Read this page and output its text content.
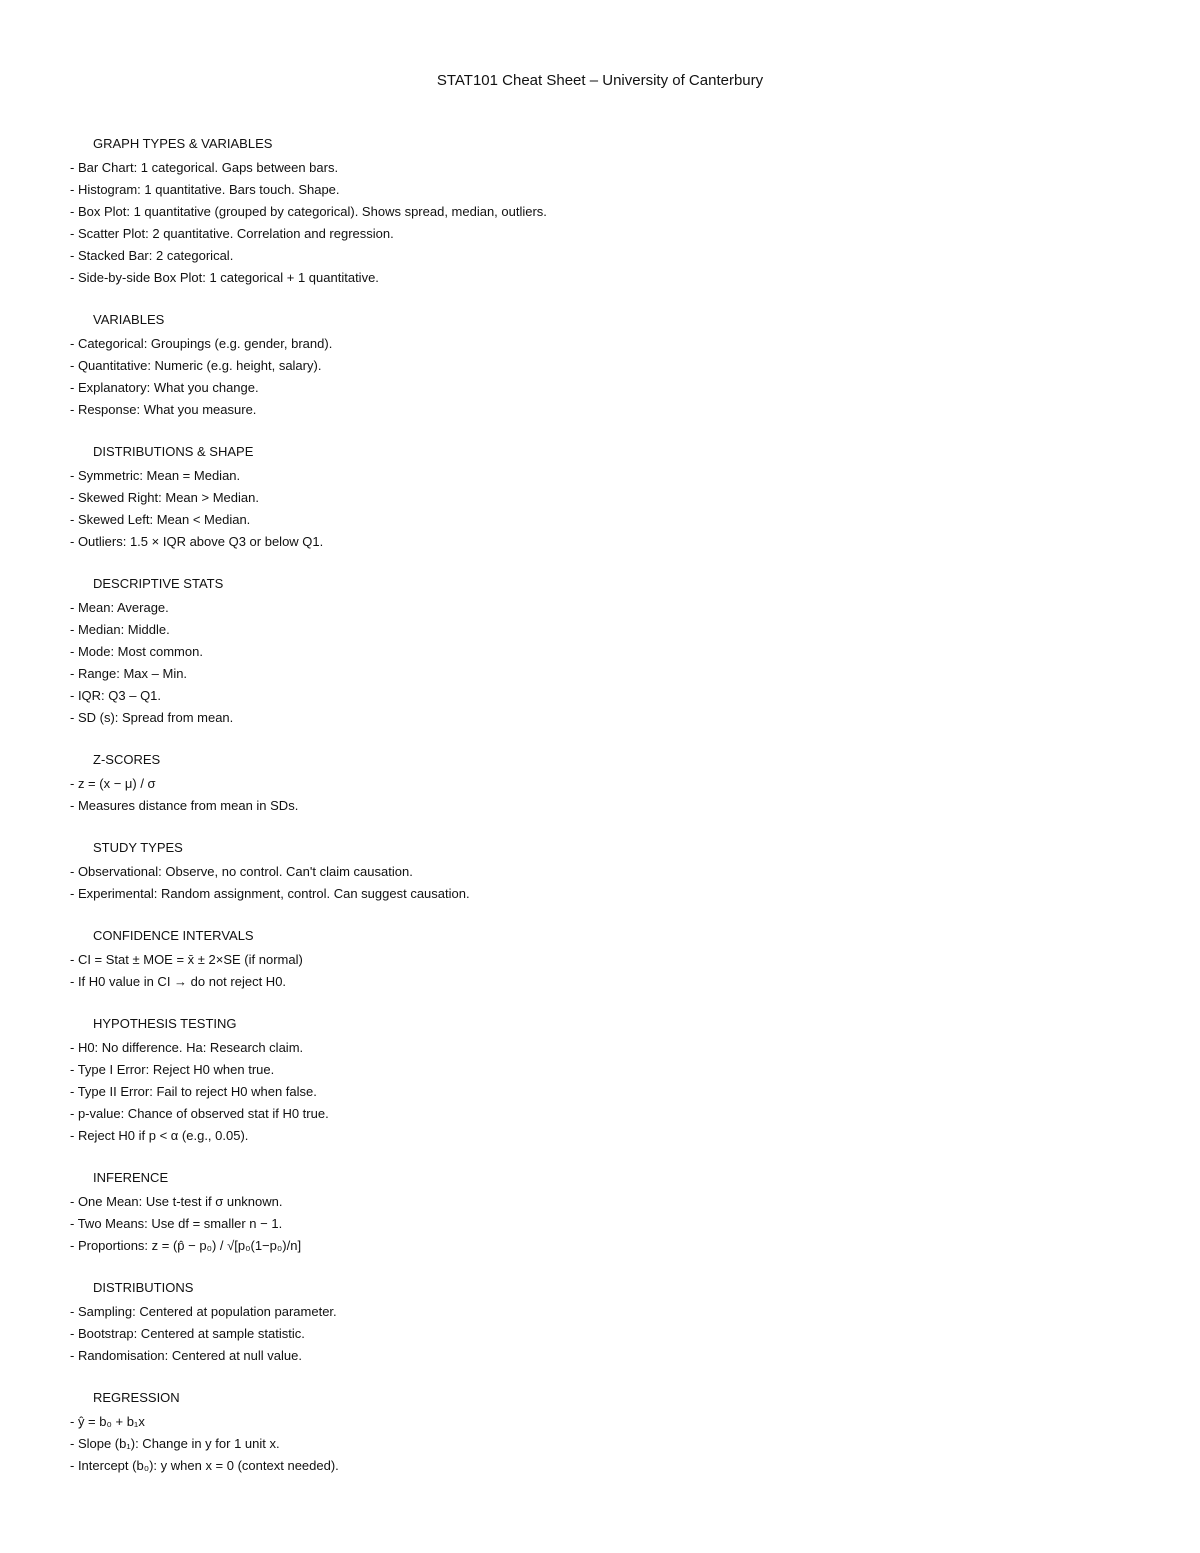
STAT101 Cheat Sheet – University of Canterbury
GRAPH TYPES & VARIABLES
- Bar Chart: 1 categorical. Gaps between bars.
- Histogram: 1 quantitative. Bars touch. Shape.
- Box Plot: 1 quantitative (grouped by categorical). Shows spread, median, outliers.
- Scatter Plot: 2 quantitative. Correlation and regression.
- Stacked Bar: 2 categorical.
- Side-by-side Box Plot: 1 categorical + 1 quantitative.
VARIABLES
- Categorical: Groupings (e.g. gender, brand).
- Quantitative: Numeric (e.g. height, salary).
- Explanatory: What you change.
- Response: What you measure.
DISTRIBUTIONS & SHAPE
- Symmetric: Mean = Median.
- Skewed Right: Mean > Median.
- Skewed Left: Mean < Median.
- Outliers: 1.5 × IQR above Q3 or below Q1.
DESCRIPTIVE STATS
- Mean: Average.
- Median: Middle.
- Mode: Most common.
- Range: Max – Min.
- IQR: Q3 – Q1.
- SD (s): Spread from mean.
Z-SCORES
- z = (x − μ) / σ
- Measures distance from mean in SDs.
STUDY TYPES
- Observational: Observe, no control. Can't claim causation.
- Experimental: Random assignment, control. Can suggest causation.
CONFIDENCE INTERVALS
- CI = Stat ± MOE = x̄ ± 2×SE (if normal)
- If H0 value in CI → do not reject H0.
HYPOTHESIS TESTING
- H0: No difference. Ha: Research claim.
- Type I Error: Reject H0 when true.
- Type II Error: Fail to reject H0 when false.
- p-value: Chance of observed stat if H0 true.
- Reject H0 if p < α (e.g., 0.05).
INFERENCE
- One Mean: Use t-test if σ unknown.
- Two Means: Use df = smaller n − 1.
- Proportions: z = (p̂ − p₀) / √[p₀(1−p₀)/n]
DISTRIBUTIONS
- Sampling: Centered at population parameter.
- Bootstrap: Centered at sample statistic.
- Randomisation: Centered at null value.
REGRESSION
- ŷ = b₀ + b₁x
- Slope (b₁): Change in y for 1 unit x.
- Intercept (b₀): y when x = 0 (context needed).
